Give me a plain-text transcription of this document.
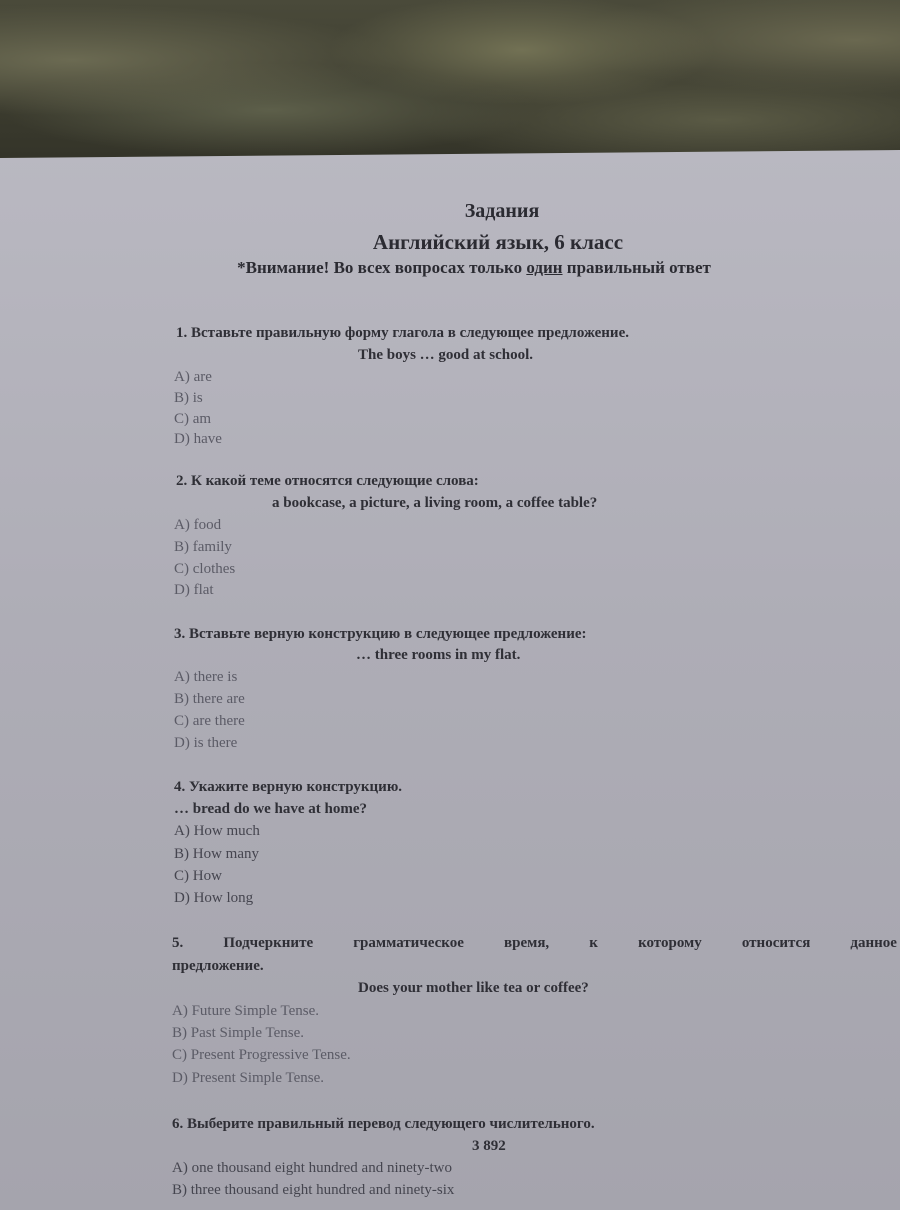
Задания
Английский язык, 6 класс
*Внимание! Во всех вопросах только один правильный ответ
1. Вставьте правильную форму глагола в следующее предложение.
The boys … good at school.
A) are
B) is
C) am
D) have
2. К какой теме относятся следующие слова:
a bookcase, a picture, a living room, a coffee table?
A) food
B) family
C) clothes
D) flat
3. Вставьте верную конструкцию в следующее предложение:
… three rooms in my flat.
A) there is
B) there are
C) are there
D) is there
4. Укажите верную конструкцию.
… bread do we have at home?
A) How much
B) How many
C) How
D) How long
5.	Подчеркните	грамматическое	время,	к	которому	относится	данное
предложение.
Does your mother like tea or coffee?
A) Future Simple Tense.
B) Past Simple Tense.
C) Present Progressive Tense.
D) Present Simple Tense.
6. Выберите правильный перевод следующего числительного.
3 892
A) one thousand eight hundred and ninety-two
B) three thousand eight hundred and ninety-six
